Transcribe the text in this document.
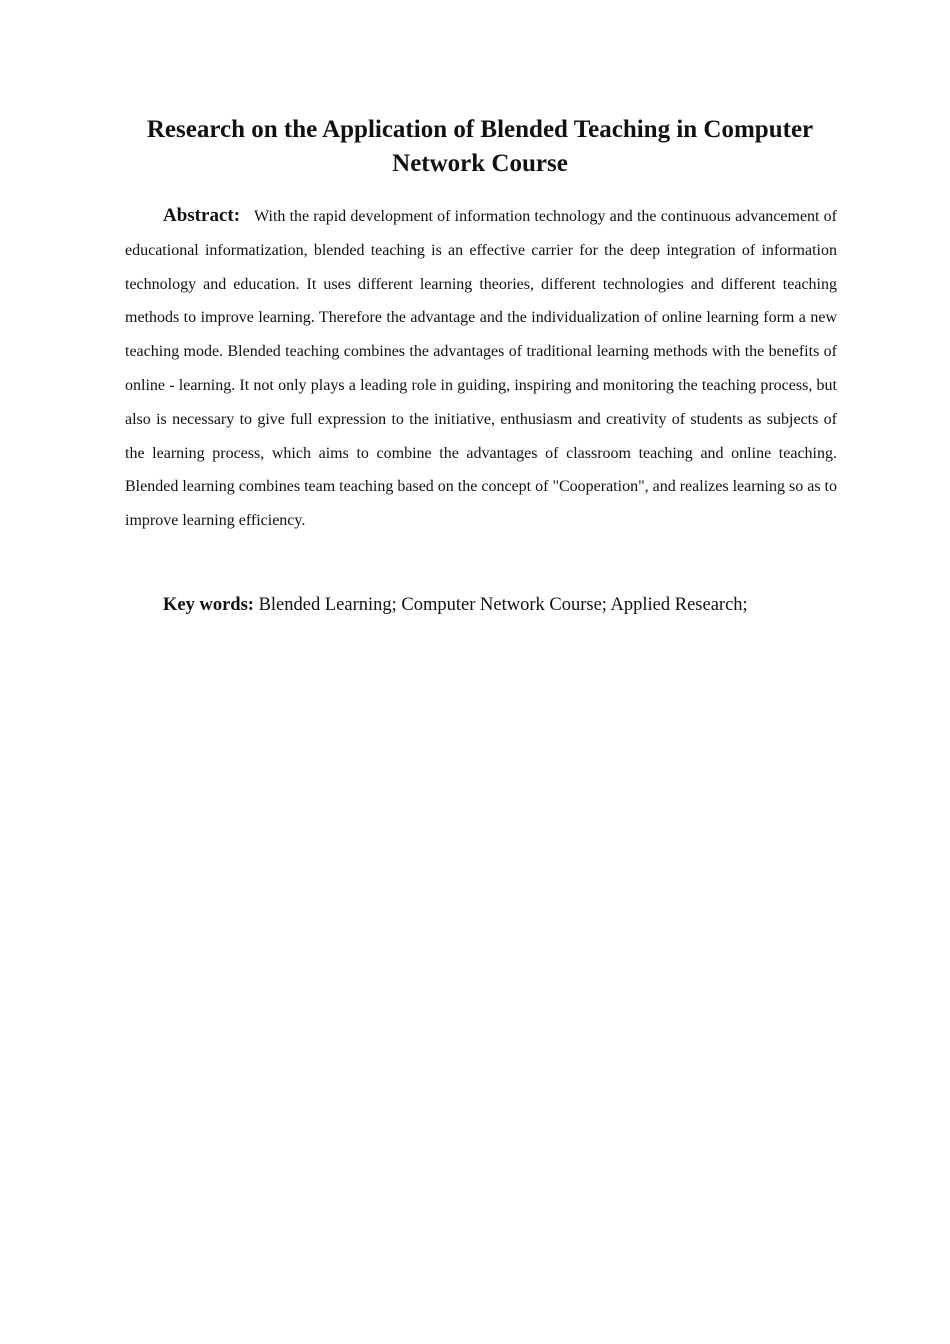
Research on the Application of Blended Teaching in Computer Network Course

Abstract: With the rapid development of information technology and the continuous advancement of educational informatization, blended teaching is an effective carrier for the deep integration of information technology and education. It uses different learning theories, different technologies and different teaching methods to improve learning. Therefore the advantage and the individualization of online learning form a new teaching mode. Blended teaching combines the advantages of traditional learning methods with the benefits of online - learning. It not only plays a leading role in guiding, inspiring and monitoring the teaching process, but also is necessary to give full expression to the initiative, enthusiasm and creativity of students as subjects of the learning process, which aims to combine the advantages of classroom teaching and online teaching. Blended learning combines team teaching based on the concept of "Cooperation", and realizes learning so as to improve learning efficiency.

Key words: Blended Learning; Computer Network Course; Applied Research;
